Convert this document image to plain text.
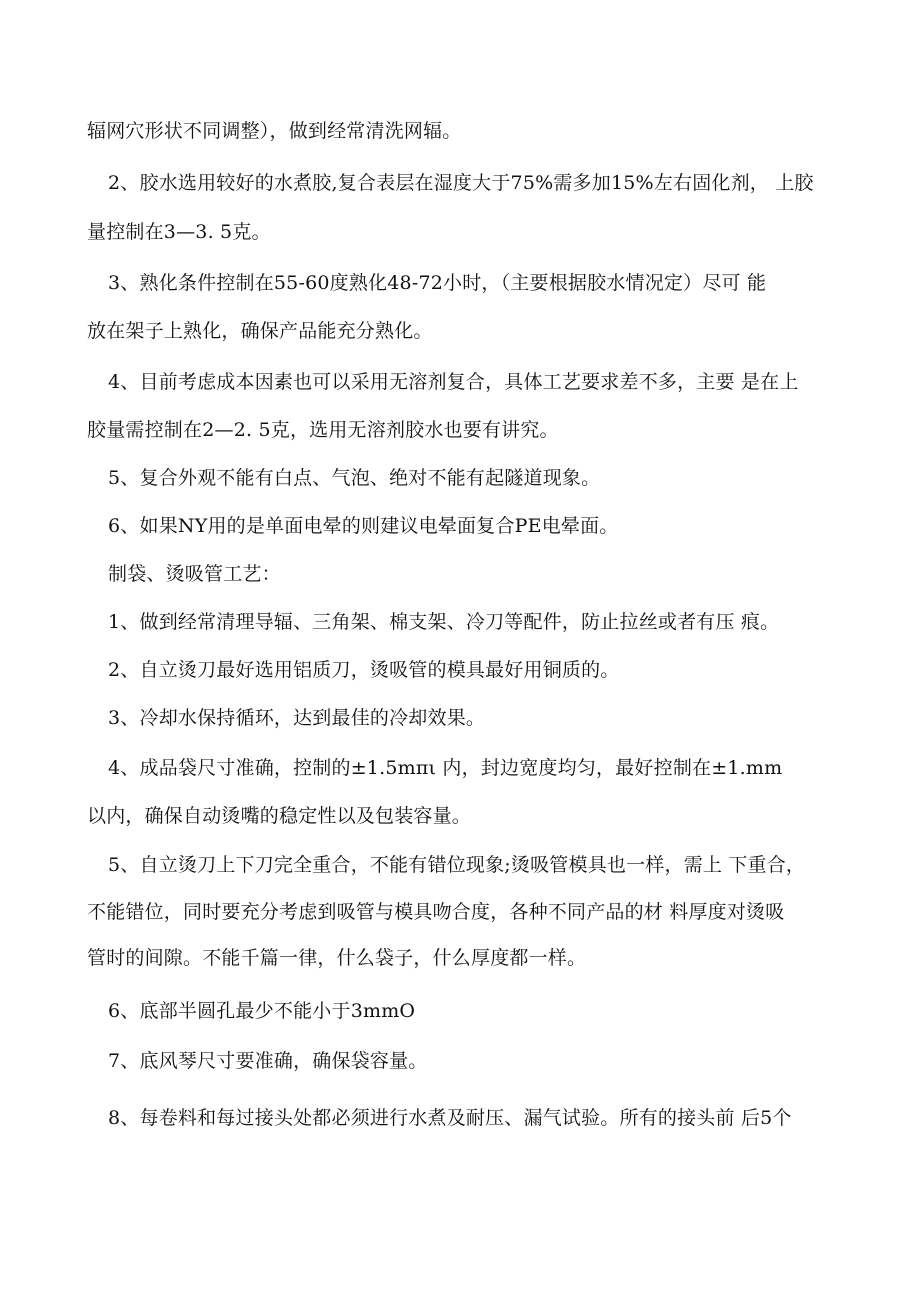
辐网穴形状不同调整），做到经常清洗网辐。
2、胶水选用较好的水煮胶,复合表层在湿度大于75%需多加15%左右固化剂， 上胶
量控制在3—3. 5克。
3、熟化条件控制在55-60度熟化48-72小时，（主要根据胶水情况定）尽可 能
放在架子上熟化，确保产品能充分熟化。
4、目前考虑成本因素也可以采用无溶剂复合，具体工艺要求差不多，主要 是在上
胶量需控制在2—2. 5克，选用无溶剂胶水也要有讲究。
5、复合外观不能有白点、气泡、绝对不能有起隧道现象。
6、如果NY用的是单面电晕的则建议电晕面复合PE电晕面。
制袋、烫吸管工艺：
1、做到经常清理导辐、三角架、棉支架、冷刀等配件，防止拉丝或者有压 痕。
2、自立烫刀最好选用铝质刀，烫吸管的模具最好用铜质的。
3、冷却水保持循环，达到最佳的冷却效果。
4、成品袋尺寸准确，控制的±1.5mπι 内，封边宽度均匀，最好控制在±1.mm
以内，确保自动烫嘴的稳定性以及包装容量。
5、自立烫刀上下刀完全重合，不能有错位现象;烫吸管模具也一样，需上 下重合，
不能错位，同时要充分考虑到吸管与模具吻合度，各种不同产品的材 料厚度对烫吸
管时的间隙。不能千篇一律，什么袋子，什么厚度都一样。
6、底部半圆孔最少不能小于3mmO
7、底风琴尺寸要准确，确保袋容量。
8、每卷料和每过接头处都必须进行水煮及耐压、漏气试验。所有的接头前 后5个
